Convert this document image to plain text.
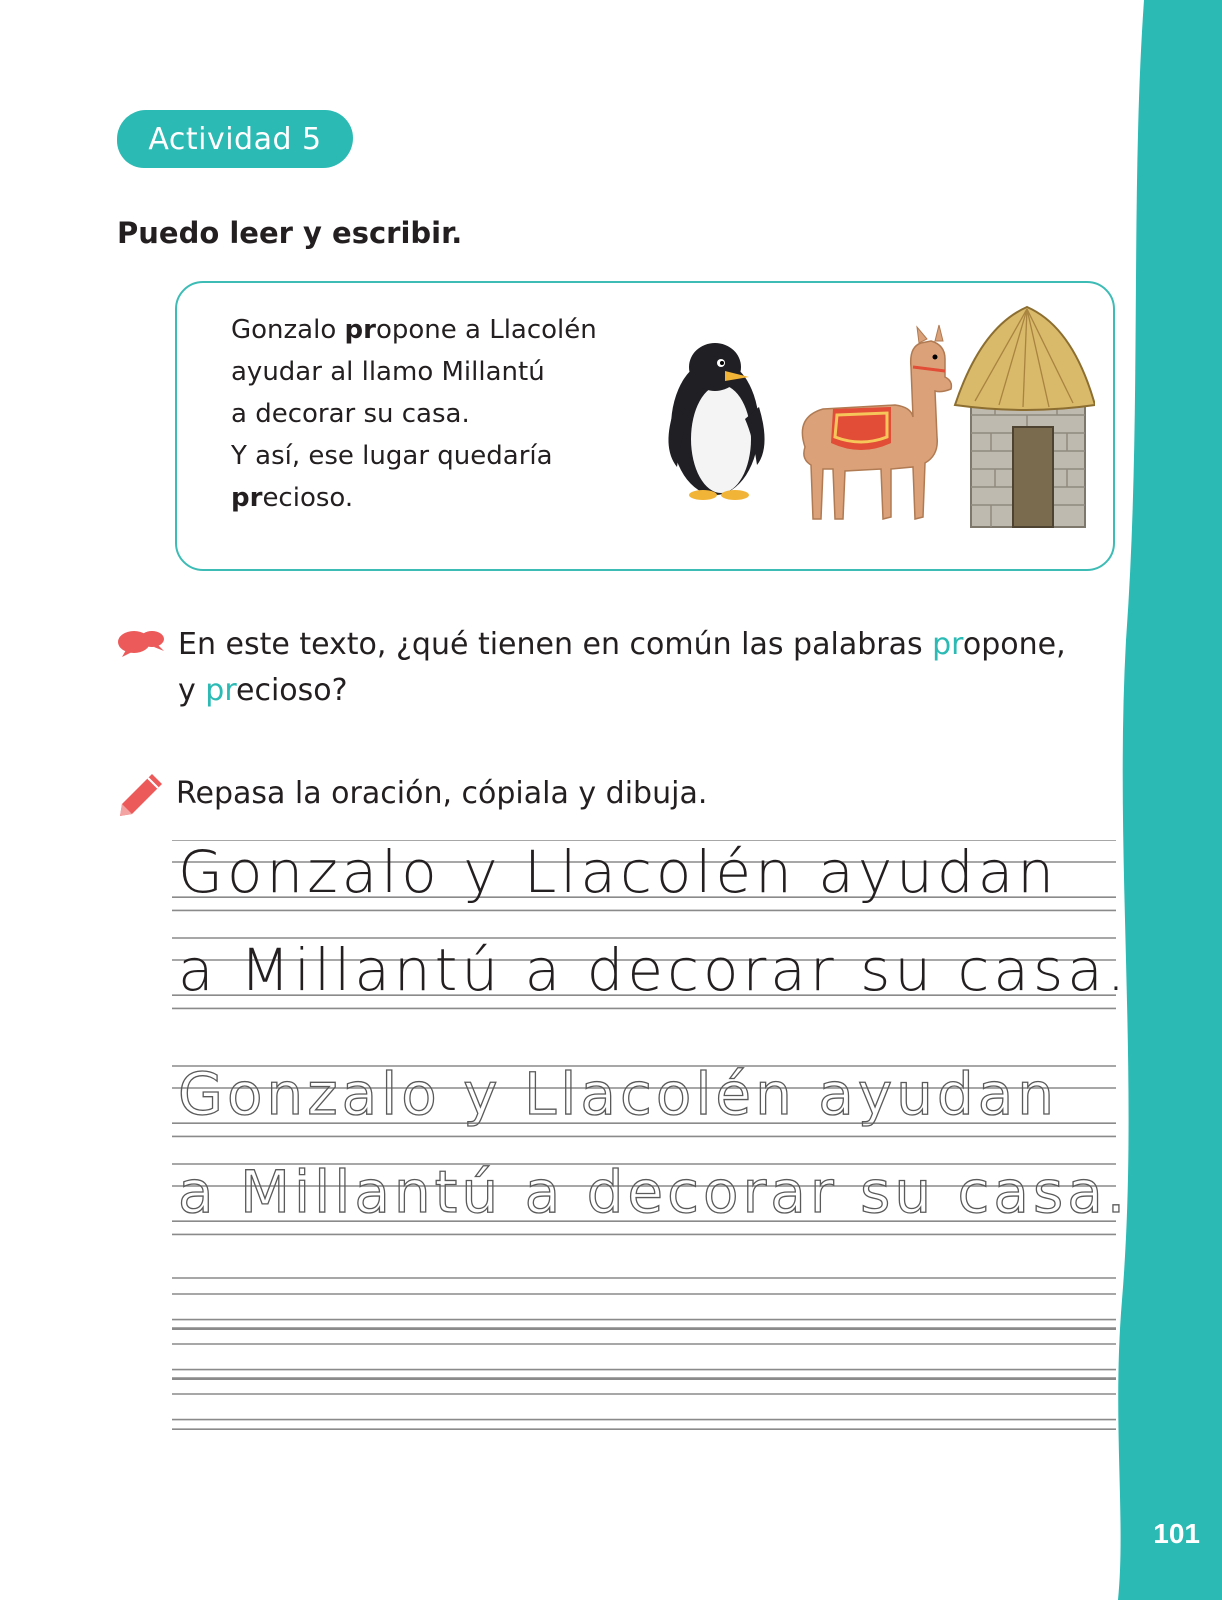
101
Actividad 5
Puedo leer y escribir.
Gonzalo propone a Llacolén
ayudar al llamo Millantú
a decorar su casa.
Y así, ese lugar quedaría
precioso.
En este texto, ¿qué tienen en común las palabras propone,
y precioso?
Repasa la oración, cópiala y dibuja.
Gonzalo y Llacolén ayudan
a Millantú a decorar su casa.
Gonzalo y Llacolén ayudan
a Millantú a decorar su casa.
